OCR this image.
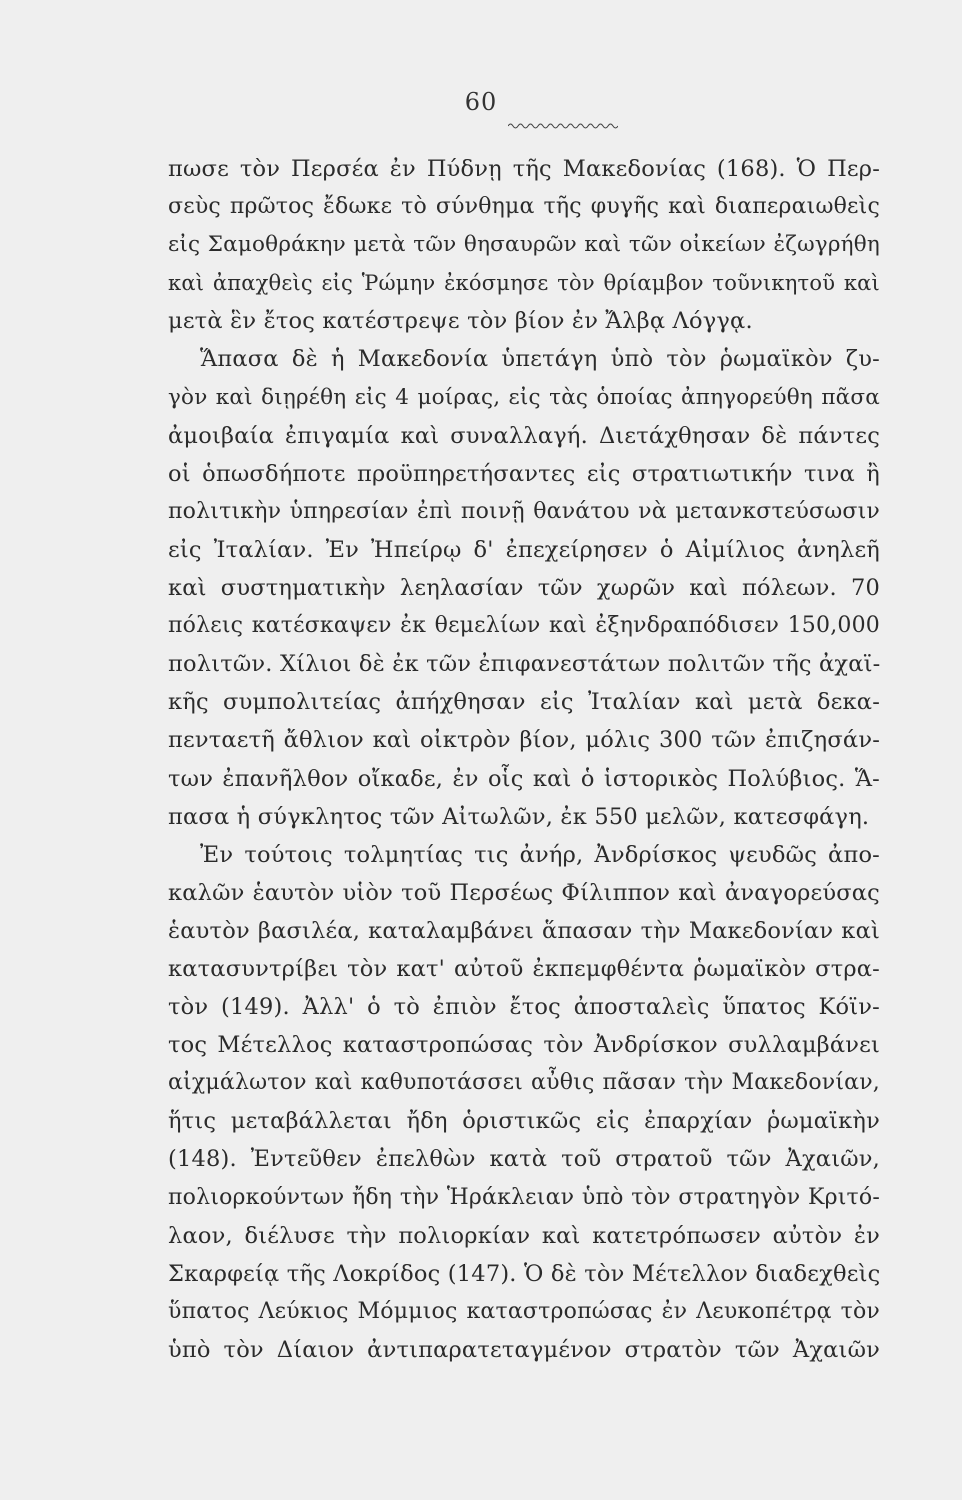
60
πωσε τὸν Περσέα ἐν Πύδνῃ τῆς Μακεδονίας (168). Ὁ Περ-
σεὺς πρῶτος ἔδωκε τὸ σύνθημα τῆς φυγῆς καὶ διαπεραιωθεὶς
εἰς Σαμοθράκην μετὰ τῶν θησαυρῶν καὶ τῶν οἰκείων ἐζωγρήθη
καὶ ἀπαχθεὶς εἰς Ῥώμην ἐκόσμησε τὸν θρίαμβον τοῦνικητοῦ καὶ
μετὰ ἓν ἔτος κατέστρεψε τὸν βίον ἐν Ἄλβᾳ Λόγγᾳ.
Ἅπασα δὲ ἡ Μακεδονία ὑπετάγη ὑπὸ τὸν ῥωμαϊκὸν ζυ-
γὸν καὶ διῃρέθη εἰς 4 μοίρας, εἰς τὰς ὁποίας ἀπηγορεύθη πᾶσα
ἀμοιβαία ἐπιγαμία καὶ συναλλαγή. Διετάχθησαν δὲ πάντες
οἱ ὁπωσδήποτε προϋπηρετήσαντες εἰς στρατιωτικήν τινα ἢ
πολιτικὴν ὑπηρεσίαν ἐπὶ ποινῇ θανάτου νὰ μετανκστεύσωσιν
εἰς Ἰταλίαν. Ἐν Ἠπείρῳ δ' ἐπεχείρησεν ὁ Αἰμίλιος ἀνηλεῆ
καὶ συστηματικὴν λεηλασίαν τῶν χωρῶν καὶ πόλεων. 70
πόλεις κατέσκαψεν ἐκ θεμελίων καὶ ἐξηνδραπόδισεν 150,000
πολιτῶν. Χίλιοι δὲ ἐκ τῶν ἐπιφανεστάτων πολιτῶν τῆς ἀχαϊ-
κῆς συμπολιτείας ἀπήχθησαν εἰς Ἰταλίαν καὶ μετὰ δεκα-
πενταετῆ ἄθλιον καὶ οἰκτρὸν βίον, μόλις 300 τῶν ἐπιζησάν-
των ἐπανῆλθον οἴκαδε, ἐν οἷς καὶ ὁ ἱστορικὸς Πολύβιος. Ἅ-
πασα ἡ σύγκλητος τῶν Αἰτωλῶν, ἐκ 550 μελῶν, κατεσφάγη.
Ἐν τούτοις τολμητίας τις ἀνήρ, Ἀνδρίσκος ψευδῶς ἀπο-
καλῶν ἑαυτὸν υἱὸν τοῦ Περσέως Φίλιππον καὶ ἀναγορεύσας
ἑαυτὸν βασιλέα, καταλαμβάνει ἅπασαν τὴν Μακεδονίαν καὶ
κατασυντρίβει τὸν κατ' αὐτοῦ ἐκπεμφθέντα ῥωμαϊκὸν στρα-
τὸν (149). Ἀλλ' ὁ τὸ ἐπιὸν ἔτος ἀποσταλεὶς ὕπατος Κόϊν-
τος Μέτελλος καταστροπώσας τὸν Ἀνδρίσκον συλλαμβάνει
αἰχμάλωτον καὶ καθυποτάσσει αὖθις πᾶσαν τὴν Μακεδονίαν,
ἥτις μεταβάλλεται ἤδη ὁριστικῶς εἰς ἐπαρχίαν ῥωμαϊκὴν
(148). Ἐντεῦθεν ἐπελθὼν κατὰ τοῦ στρατοῦ τῶν Ἀχαιῶν,
πολιορκούντων ἤδη τὴν Ἡράκλειαν ὑπὸ τὸν στρατηγὸν Κριτό-
λαον, διέλυσε τὴν πολιορκίαν καὶ κατετρόπωσεν αὐτὸν ἐν
Σκαρφείᾳ τῆς Λοκρίδος (147). Ὁ δὲ τὸν Μέτελλον διαδεχθεὶς
ὕπατος Λεύκιος Μόμμιος καταστροπώσας ἐν Λευκοπέτρᾳ τὸν
ὑπὸ τὸν Δίαιον ἀντιπαρατεταγμένον στρατὸν τῶν Ἀχαιῶν
